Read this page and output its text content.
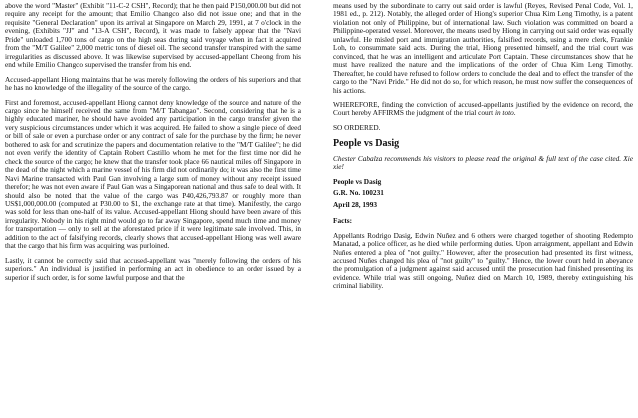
above the word "Master" (Exhibit "11-C-2 CSH", Record); that he then paid P150,000.00 but did not require any receipt for the amount; that Emilio Changco also did not issue one; and that in the requisite "General Declaration" upon its arrival at Singapore on March 29, 1991, at 7 o'clock in the evening, (Exhibits "JJ" and "13-A CSH", Record), it was made to falsely appear that the "Navi Pride" unloaded 1,700 tons of cargo on the high seas during said voyage when in fact it acquired from the "M/T Galilee" 2,000 metric tons of diesel oil. The second transfer transpired with the same irregularities as discussed above. It was likewise supervised by accused-appellant Cheong from his end while Emilio Changco supervised the transfer from his end.

Accused-appellant Hiong maintains that he was merely following the orders of his superiors and that he has no knowledge of the illegality of the source of the cargo.

First and foremost, accused-appellant Hiong cannot deny knowledge of the source and nature of the cargo since he himself received the same from "M/T Tabangao". Second, considering that he is a highly educated mariner, he should have avoided any participation in the cargo transfer given the very suspicious circumstances under which it was acquired. He failed to show a single piece of deed or bill of sale or even a purchase order or any contract of sale for the purchase by the firm; he never bothered to ask for and scrutinize the papers and documentation relative to the "M/T Galilee"; he did not even verify the identity of Captain Robert Castillo whom he met for the first time nor did he check the source of the cargo; he knew that the transfer took place 66 nautical miles off Singapore in the dead of the night which a marine vessel of his firm did not ordinarily do; it was also the first time Navi Marine transacted with Paul Gan involving a large sum of money without any receipt issued therefor; he was not even aware if Paul Gan was a Singaporean national and thus safe to deal with. It should also be noted that the value of the cargo was P40,426,793.87 or roughly more than US$1,000,000.00 (computed at P30.00 to $1, the exchange rate at that time). Manifestly, the cargo was sold for less than one-half of its value. Accused-appellant Hiong should have been aware of this irregularity. Nobody in his right mind would go to far away Singapore, spend much time and money for transportation — only to sell at the aforestated price if it were legitimate sale involved. This, in addition to the act of falsifying records, clearly shows that accused-appellant Hiong was well aware that the cargo that his firm was acquiring was purloined.

Lastly, it cannot be correctly said that accused-appellant was "merely following the orders of his superiors." An individual is justified in performing an act in obedience to an order issued by a superior if such order, is for some lawful purpose and that the

means used by the subordinate to carry out said order is lawful (Reyes, Revised Penal Code, Vol. 1, 1981 ed., p. 212). Notably, the alleged order of Hiong's superior Chua Kim Leng Timothy, is a patent violation not only of Philippine, but of international law. Such violation was committed on board a Philippine-operated vessel. Moreover, the means used by Hiong in carrying out said order was equally unlawful. He misled port and immigration authorities, falsified records, using a mere clerk, Frankie Loh, to consummate said acts. During the trial, Hiong presented himself, and the trial court was convinced, that he was an intelligent and articulate Port Captain. These circumstances show that he must have realized the nature and the implications of the order of Chua Kim Leng Timothy. Thereafter, he could have refused to follow orders to conclude the deal and to effect the transfer of the cargo to the "Navi Pride." He did not do so, for which reason, he must now suffer the consequences of his actions.

WHEREFORE, finding the conviction of accused-appellants justified by the evidence on record, the Court hereby AFFIRMS the judgment of the trial court in toto.

SO ORDERED.

People vs Dasig

Chester Cabalza recommends his visitors to please read the original & full text of the case cited. Xie xie!

People vs Dasig

G.R. No. 100231

April 28, 1993

Facts:

Appellants Rodrigo Dasig, Edwin Nuñez and 6 others were charged together of shooting Redempto Manatad, a police officer, as he died while performing duties. Upon arraignment, appellant and Edwin Nuñes entered a plea of "not guilty." However, after the prosecution had presented its first witness, accused Nuñes changed his plea of "not guilty" to "guilty." Hence, the lower court held in abeyance the promulgation of a judgment against said accused until the prosecution had finished presenting its evidence. While trial was still ongoing, Nuñez died on March 10, 1989, thereby extinguishing his criminal liability.
